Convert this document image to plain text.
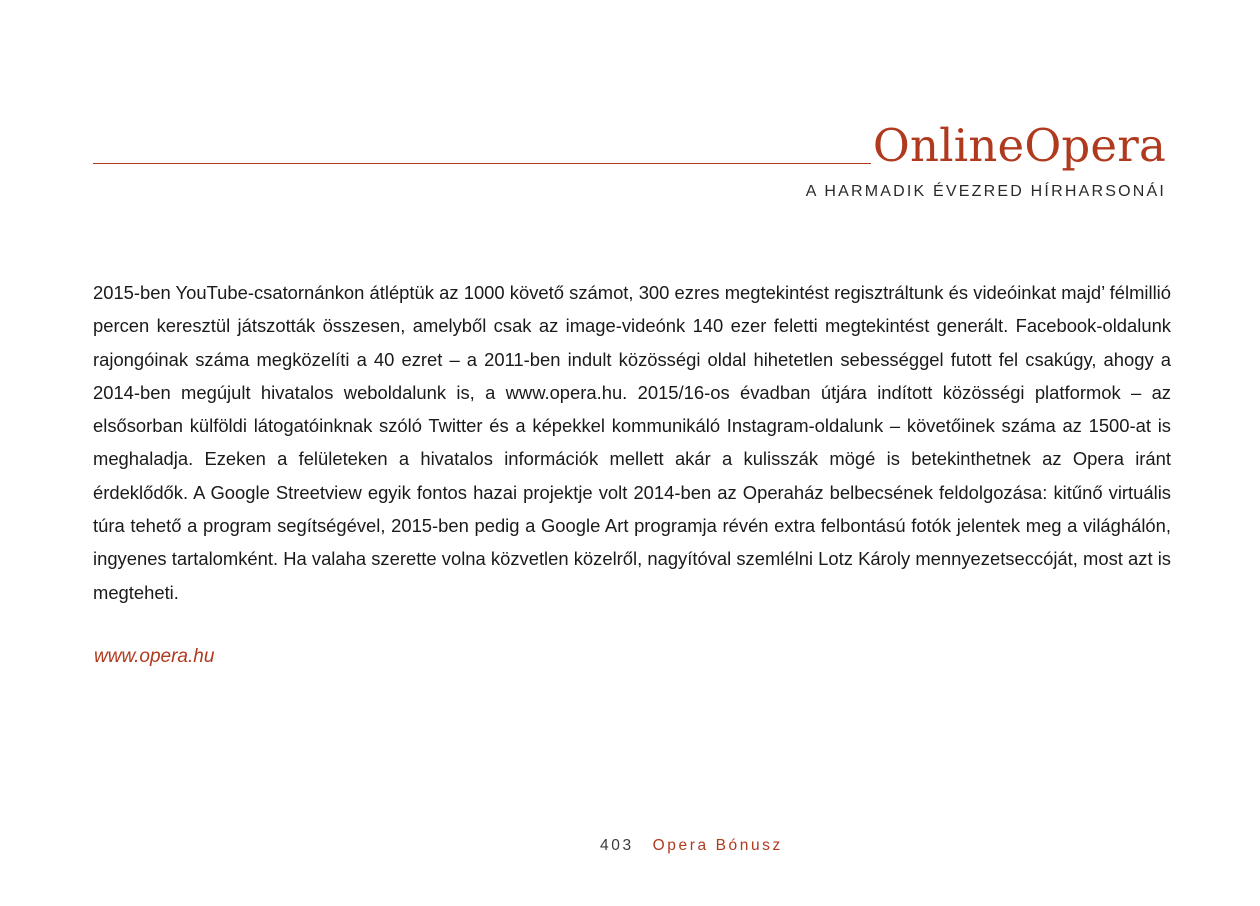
OnlineOpera
A HARMADIK ÉVEZRED HÍRHARSONÁI

2015-ben YouTube-csatornánkon átléptük az 1000 követő számot, 300 ezres megtekintést regisztráltunk és videóinkat majd’ félmillió percen keresztül játszották összesen, amelyből csak az image-videónk 140 ezer feletti megtekintést generált. Facebook-oldalunk rajongóinak száma megközelíti a 40 ezret – a 2011-ben indult közösségi oldal hihetetlen sebességgel futott fel csakúgy, ahogy a 2014-ben megújult hivatalos weboldalunk is, a www.opera.hu. 2015/16-os évadban útjára indított közösségi platformok – az elsősorban külföldi látogatóinknak szóló Twitter és a képekkel kommunikáló Instagram-oldalunk – követőinek száma az 1500-at is meghaladja. Ezeken a felületeken a hivatalos információk mellett akár a kulisszák mögé is betekinthetnek az Opera iránt érdeklődők. A Google Streetview egyik fontos hazai projektje volt 2014-ben az Operaház belbecsének feldolgozása: kitűnő virtuális túra tehető a program segítségével, 2015-ben pedig a Google Art programja révén extra felbontású fotók jelentek meg a világhálón, ingyenes tartalomként. Ha valaha szerette volna közvetlen közelről, nagyítóval szemlélni Lotz Károly mennyezetseccóját, most azt is megteheti.

www.opera.hu
403 Opera Bónusz
